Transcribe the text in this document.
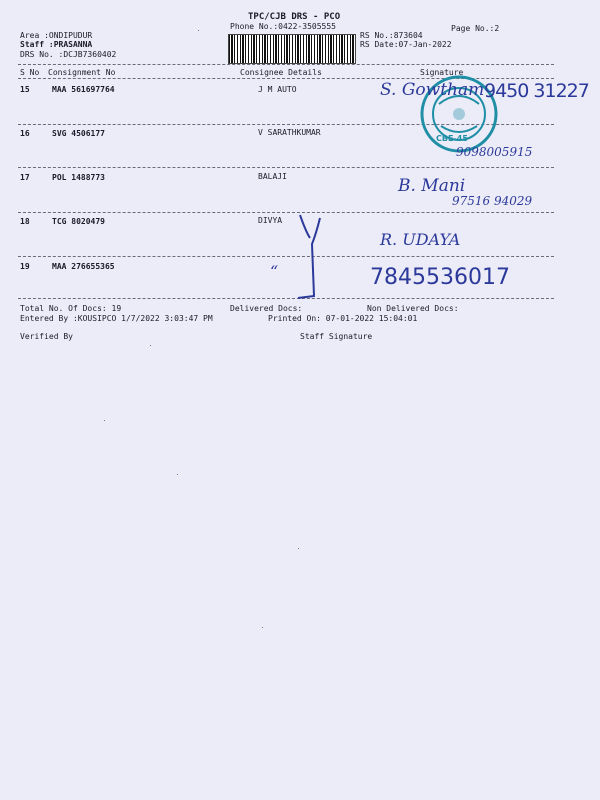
TPC/CJB DRS - PCO
Phone No.:0422-3505555	Page No.:2
Area :ONDIPUDUR
Staff :PRASANNA
DRS No. :DCJB7360402
RS No.:873604
RS Date:07-Jan-2022
S No Consignment No	Consignee Details	Signature
15	MAA 561697764	J M AUTO
16	SVG 4506177	V SARATHKUMAR
17	POL 1488773	BALAJI
18	TCG 8020479	DIVYA
19	MAA 276655365
CBE-45
S. Gowtham 9450 31227
9098005915
B. Mani
97516 94029
R. UDAYA
7845536017
“
Total No. Of Docs: 19	Delivered Docs:	Non Delivered Docs:
Entered By :KOUSIPCO 1/7/2022 3:03:47 PM	Printed On: 07-01-2022 15:04:01
Verified By	Staff Signature
